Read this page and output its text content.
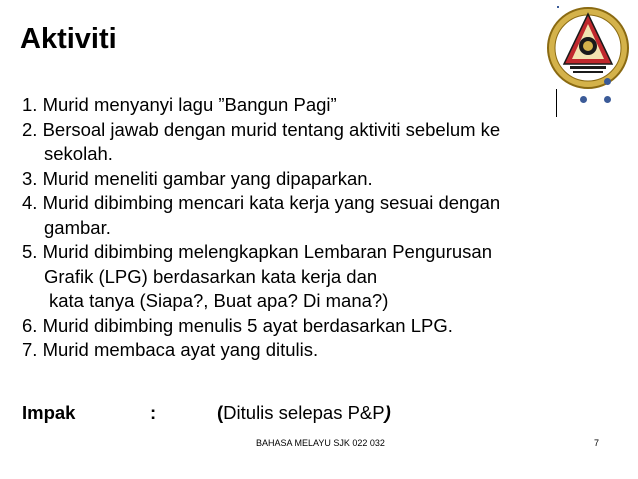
Aktiviti
1. Murid menyanyi lagu ”Bangun Pagi”
2. Bersoal jawab dengan murid tentang aktiviti sebelum ke
sekolah.
3. Murid meneliti gambar yang dipaparkan.
4. Murid dibimbing mencari kata kerja yang sesuai dengan
gambar.
5. Murid dibimbing melengkapkan Lembaran Pengurusan
Grafik (LPG) berdasarkan kata kerja dan
kata tanya (Siapa?, Buat apa? Di mana?)
6. Murid dibimbing menulis 5 ayat berdasarkan LPG.
7. Murid membaca ayat yang ditulis.
Impak	:	(Ditulis selepas P&P)
BAHASA MELAYU SJK 022 032	7
